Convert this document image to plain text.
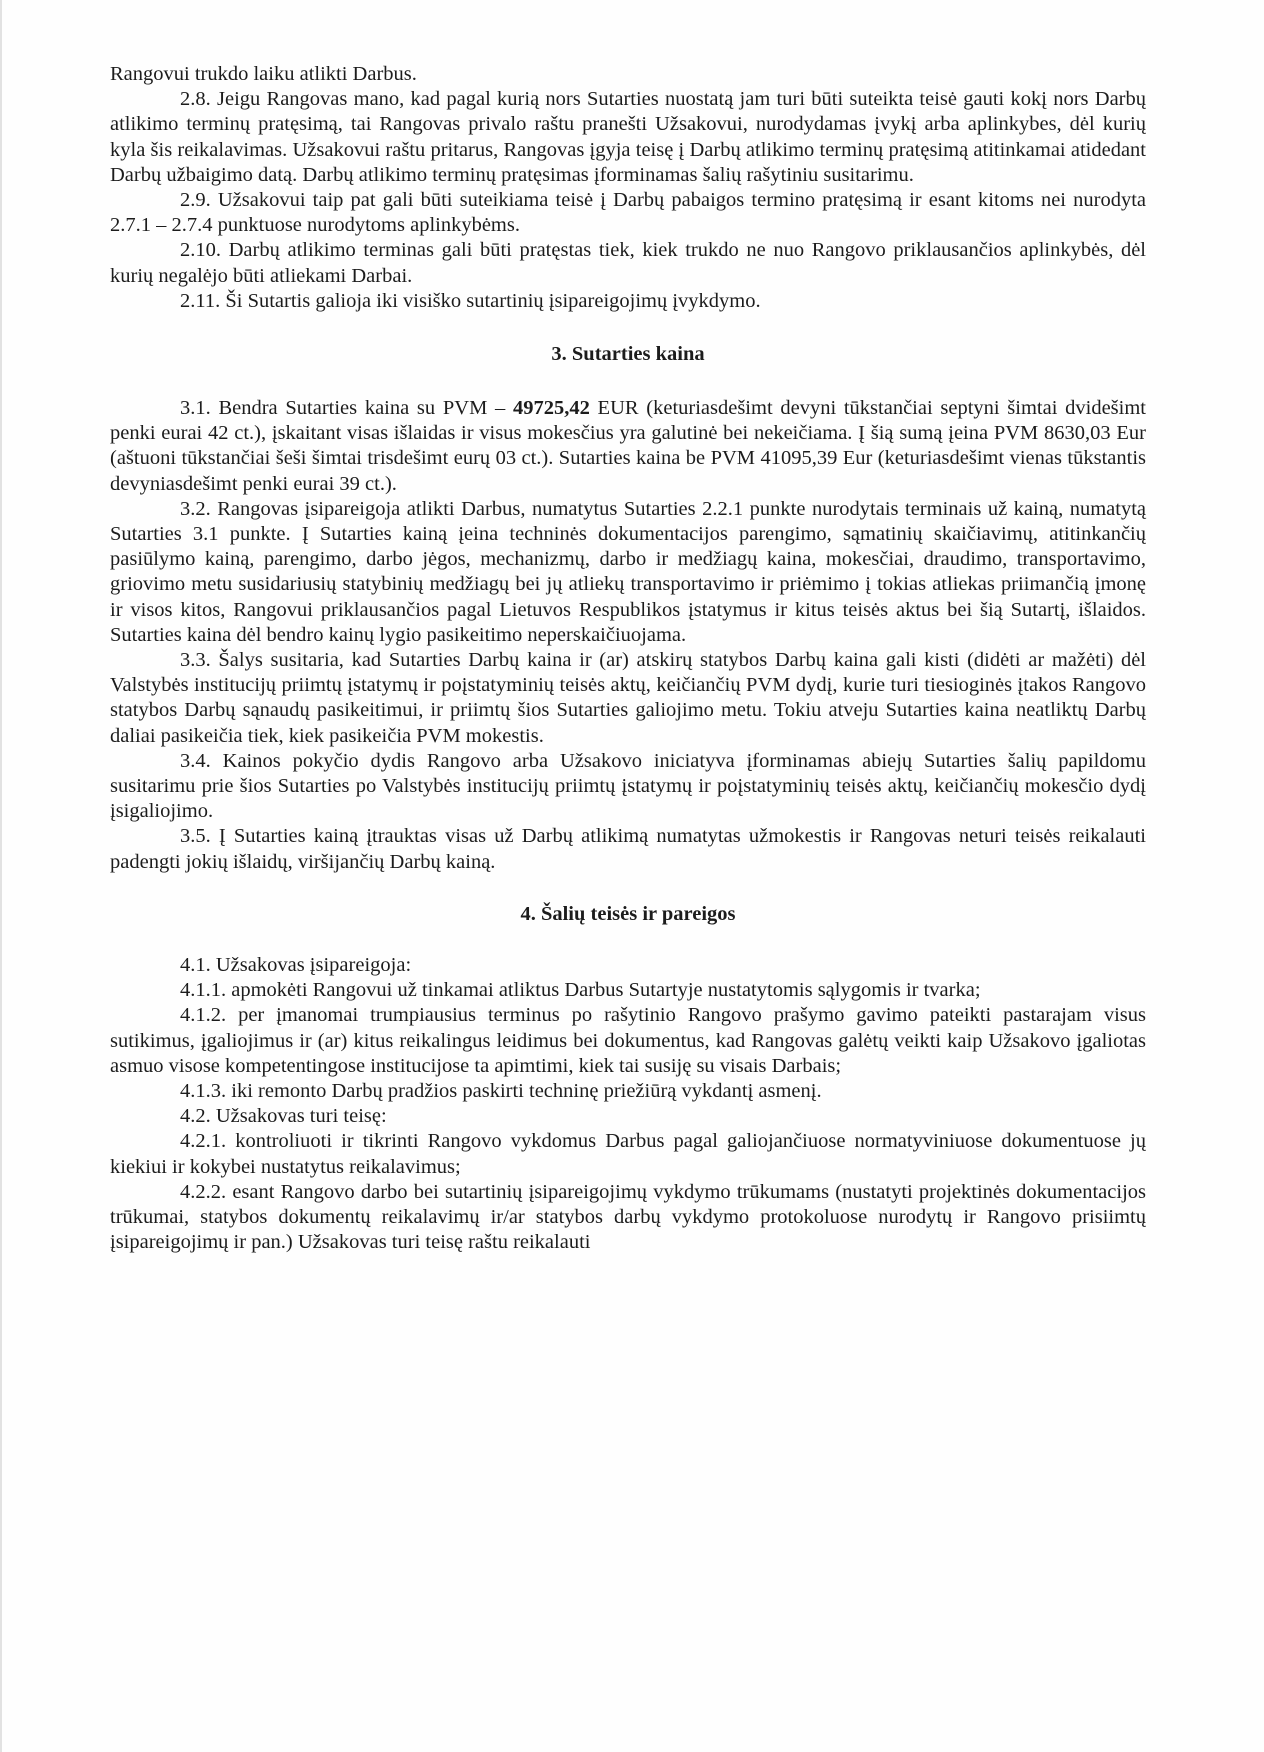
Rangovui trukdo laiku atlikti Darbus.

2.8. Jeigu Rangovas mano, kad pagal kurią nors Sutarties nuostatą jam turi būti suteikta teisė gauti kokį nors Darbų atlikimo terminų pratęsimą, tai Rangovas privalo raštu pranešti Užsakovui, nurodydamas įvykį arba aplinkybes, dėl kurių kyla šis reikalavimas. Užsakovui raštu pritarus, Rangovas įgyja teisę į Darbų atlikimo terminų pratęsimą atitinkamai atidedant Darbų užbaigimo datą. Darbų atlikimo terminų pratęsimas įforminamas šalių rašytiniu susitarimu.

2.9. Užsakovui taip pat gali būti suteikiama teisė į Darbų pabaigos termino pratęsimą ir esant kitoms nei nurodyta 2.7.1 – 2.7.4 punktuose nurodytoms aplinkybėms.

2.10. Darbų atlikimo terminas gali būti pratęstas tiek, kiek trukdo ne nuo Rangovo priklausančios aplinkybės, dėl kurių negalėjo būti atliekami Darbai.

2.11. Ši Sutartis galioja iki visiško sutartinių įsipareigojimų įvykdymo.

3. Sutarties kaina

3.1. Bendra Sutarties kaina su PVM – 49725,42 EUR (keturiasdešimt devyni tūkstančiai septyni šimtai dvidešimt penki eurai 42 ct.), įskaitant visas išlaidas ir visus mokesčius yra galutinė bei nekeičiama. Į šią sumą įeina PVM 8630,03 Eur (aštuoni tūkstančiai šeši šimtai trisdešimt eurų 03 ct.). Sutarties kaina be PVM 41095,39 Eur (keturiasdešimt vienas tūkstantis devyniasdešimt penki eurai 39 ct.).

3.2. Rangovas įsipareigoja atlikti Darbus, numatytus Sutarties 2.2.1 punkte nurodytais terminais už kainą, numatytą Sutarties 3.1 punkte. Į Sutarties kainą įeina techninės dokumentacijos parengimo, sąmatinių skaičiavimų, atitinkančių pasiūlymo kainą, parengimo, darbo jėgos, mechanizmų, darbo ir medžiagų kaina, mokesčiai, draudimo, transportavimo, griovimo metu susidariusių statybinių medžiagų bei jų atliekų transportavimo ir priėmimo į tokias atliekas priimančią įmonę ir visos kitos, Rangovui priklausančios pagal Lietuvos Respublikos įstatymus ir kitus teisės aktus bei šią Sutartį, išlaidos. Sutarties kaina dėl bendro kainų lygio pasikeitimo neperskaičiuojama.

3.3. Šalys susitaria, kad Sutarties Darbų kaina ir (ar) atskirų statybos Darbų kaina gali kisti (didėti ar mažėti) dėl Valstybės institucijų priimtų įstatymų ir poįstatyminių teisės aktų, keičiančių PVM dydį, kurie turi tiesioginės įtakos Rangovo statybos Darbų sąnaudų pasikeitimui, ir priimtų šios Sutarties galiojimo metu. Tokiu atveju Sutarties kaina neatliktų Darbų daliai pasikeičia tiek, kiek pasikeičia PVM mokestis.

3.4. Kainos pokyčio dydis Rangovo arba Užsakovo iniciatyva įforminamas abiejų Sutarties šalių papildomu susitarimu prie šios Sutarties po Valstybės institucijų priimtų įstatymų ir poįstatyminių teisės aktų, keičiančių mokesčio dydį įsigaliojimo.

3.5. Į Sutarties kainą įtrauktas visas už Darbų atlikimą numatytas užmokestis ir Rangovas neturi teisės reikalauti padengti jokių išlaidų, viršijančių Darbų kainą.

4. Šalių teisės ir pareigos

4.1. Užsakovas įsipareigoja:

4.1.1. apmokėti Rangovui už tinkamai atliktus Darbus Sutartyje nustatytomis sąlygomis ir tvarka;

4.1.2. per įmanomai trumpiausius terminus po rašytinio Rangovo prašymo gavimo pateikti pastarajam visus sutikimus, įgaliojimus ir (ar) kitus reikalingus leidimus bei dokumentus, kad Rangovas galėtų veikti kaip Užsakovo įgaliotas asmuo visose kompetentingose institucijose ta apimtimi, kiek tai susiję su visais Darbais;

4.1.3. iki remonto Darbų pradžios paskirti techninę priežiūrą vykdantį asmenį.

4.2. Užsakovas turi teisę:

4.2.1. kontroliuoti ir tikrinti Rangovo vykdomus Darbus pagal galiojančiuose normatyviniuose dokumentuose jų kiekiui ir kokybei nustatytus reikalavimus;

4.2.2. esant Rangovo darbo bei sutartinių įsipareigojimų vykdymo trūkumams (nustatyti projektinės dokumentacijos trūkumai, statybos dokumentų reikalavimų ir/ar statybos darbų vykdymo protokoluose nurodytų ir Rangovo prisiimtų įsipareigojimų ir pan.) Užsakovas turi teisę raštu reikalauti
